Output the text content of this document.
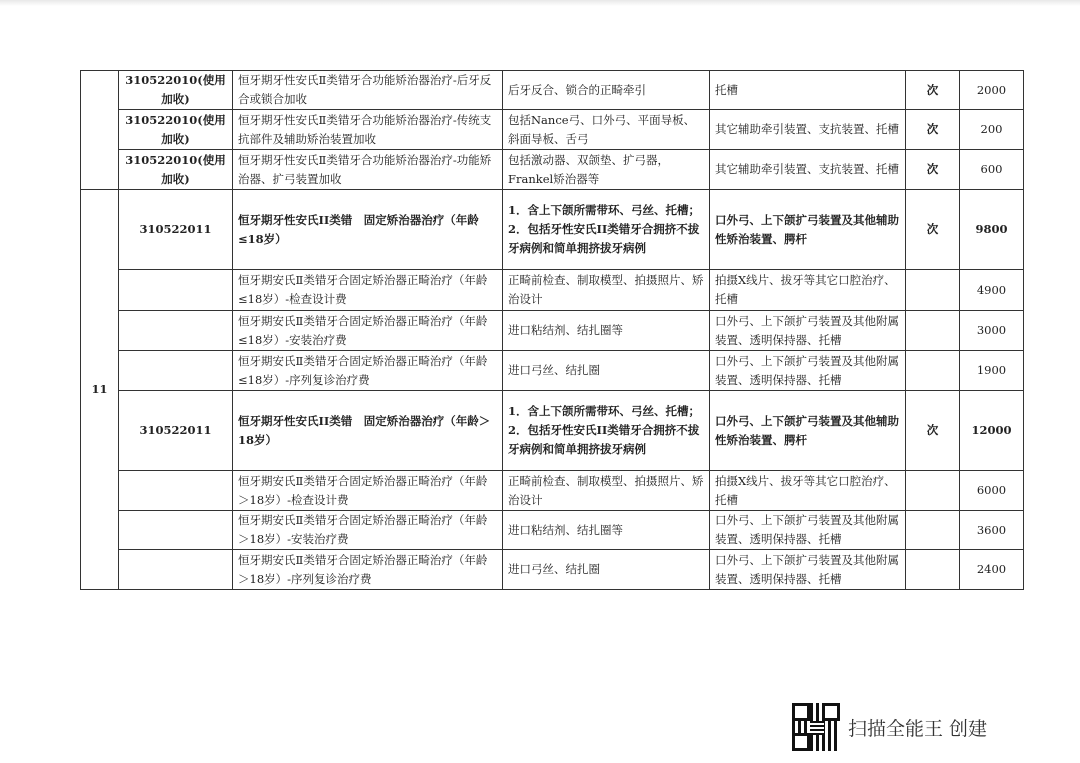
	310522010(使用加收)	恒牙期牙性安氏Ⅱ类错牙合功能矫治器治疗-后牙反合或锁合加收	后牙反合、锁合的正畸牵引	托槽	次	2000
	310522010(使用加收)	恒牙期牙性安氏Ⅱ类错牙合功能矫治器治疗-传统支抗部件及辅助矫治装置加收	包括Nance弓、口外弓、平面导板、斜面导板、舌弓	其它辅助牵引装置、支抗装置、托槽	次	200
	310522010(使用加收)	恒牙期牙性安氏Ⅱ类错牙合功能矫治器治疗-功能矫治器、扩弓装置加收	包括激动器、双颌垫、扩弓器，Frankel矫治器等	其它辅助牵引装置、支抗装置、托槽	次	600
11	310522011	恒牙期牙性安氏II类错　固定矫治器治疗（年龄≤18岁）	1．含上下颌所需带环、弓丝、托槽；2．包括牙性安氏II类错牙合拥挤不拔牙病例和简单拥挤拔牙病例	口外弓、上下颌扩弓装置及其他辅助性矫治装置、腭杆	次	9800
		恒牙期安氏Ⅱ类错牙合固定矫治器正畸治疗（年龄≤18岁）-检查设计费	正畸前检查、制取模型、拍摄照片、矫治设计	拍摄X线片、拔牙等其它口腔治疗、托槽		4900
		恒牙期安氏Ⅱ类错牙合固定矫治器正畸治疗（年龄≤18岁）-安装治疗费	进口粘结剂、结扎圈等	口外弓、上下颌扩弓装置及其他附属装置、透明保持器、托槽		3000
		恒牙期安氏Ⅱ类错牙合固定矫治器正畸治疗（年龄≤18岁）-序列复诊治疗费	进口弓丝、结扎圈	口外弓、上下颌扩弓装置及其他附属装置、透明保持器、托槽		1900
	310522011	恒牙期牙性安氏II类错　固定矫治器治疗（年龄＞18岁）	1．含上下颌所需带环、弓丝、托槽；2．包括牙性安氏II类错牙合拥挤不拔牙病例和简单拥挤拔牙病例	口外弓、上下颌扩弓装置及其他辅助性矫治装置、腭杆	次	12000
		恒牙期安氏Ⅱ类错牙合固定矫治器正畸治疗（年龄＞18岁）-检查设计费	正畸前检查、制取模型、拍摄照片、矫治设计	拍摄X线片、拔牙等其它口腔治疗、托槽		6000
		恒牙期安氏Ⅱ类错牙合固定矫治器正畸治疗（年龄＞18岁）-安装治疗费	进口粘结剂、结扎圈等	口外弓、上下颌扩弓装置及其他附属装置、透明保持器、托槽		3600
		恒牙期安氏Ⅱ类错牙合固定矫治器正畸治疗（年龄＞18岁）-序列复诊治疗费	进口弓丝、结扎圈	口外弓、上下颌扩弓装置及其他附属装置、透明保持器、托槽		2400
扫描全能王 创建
